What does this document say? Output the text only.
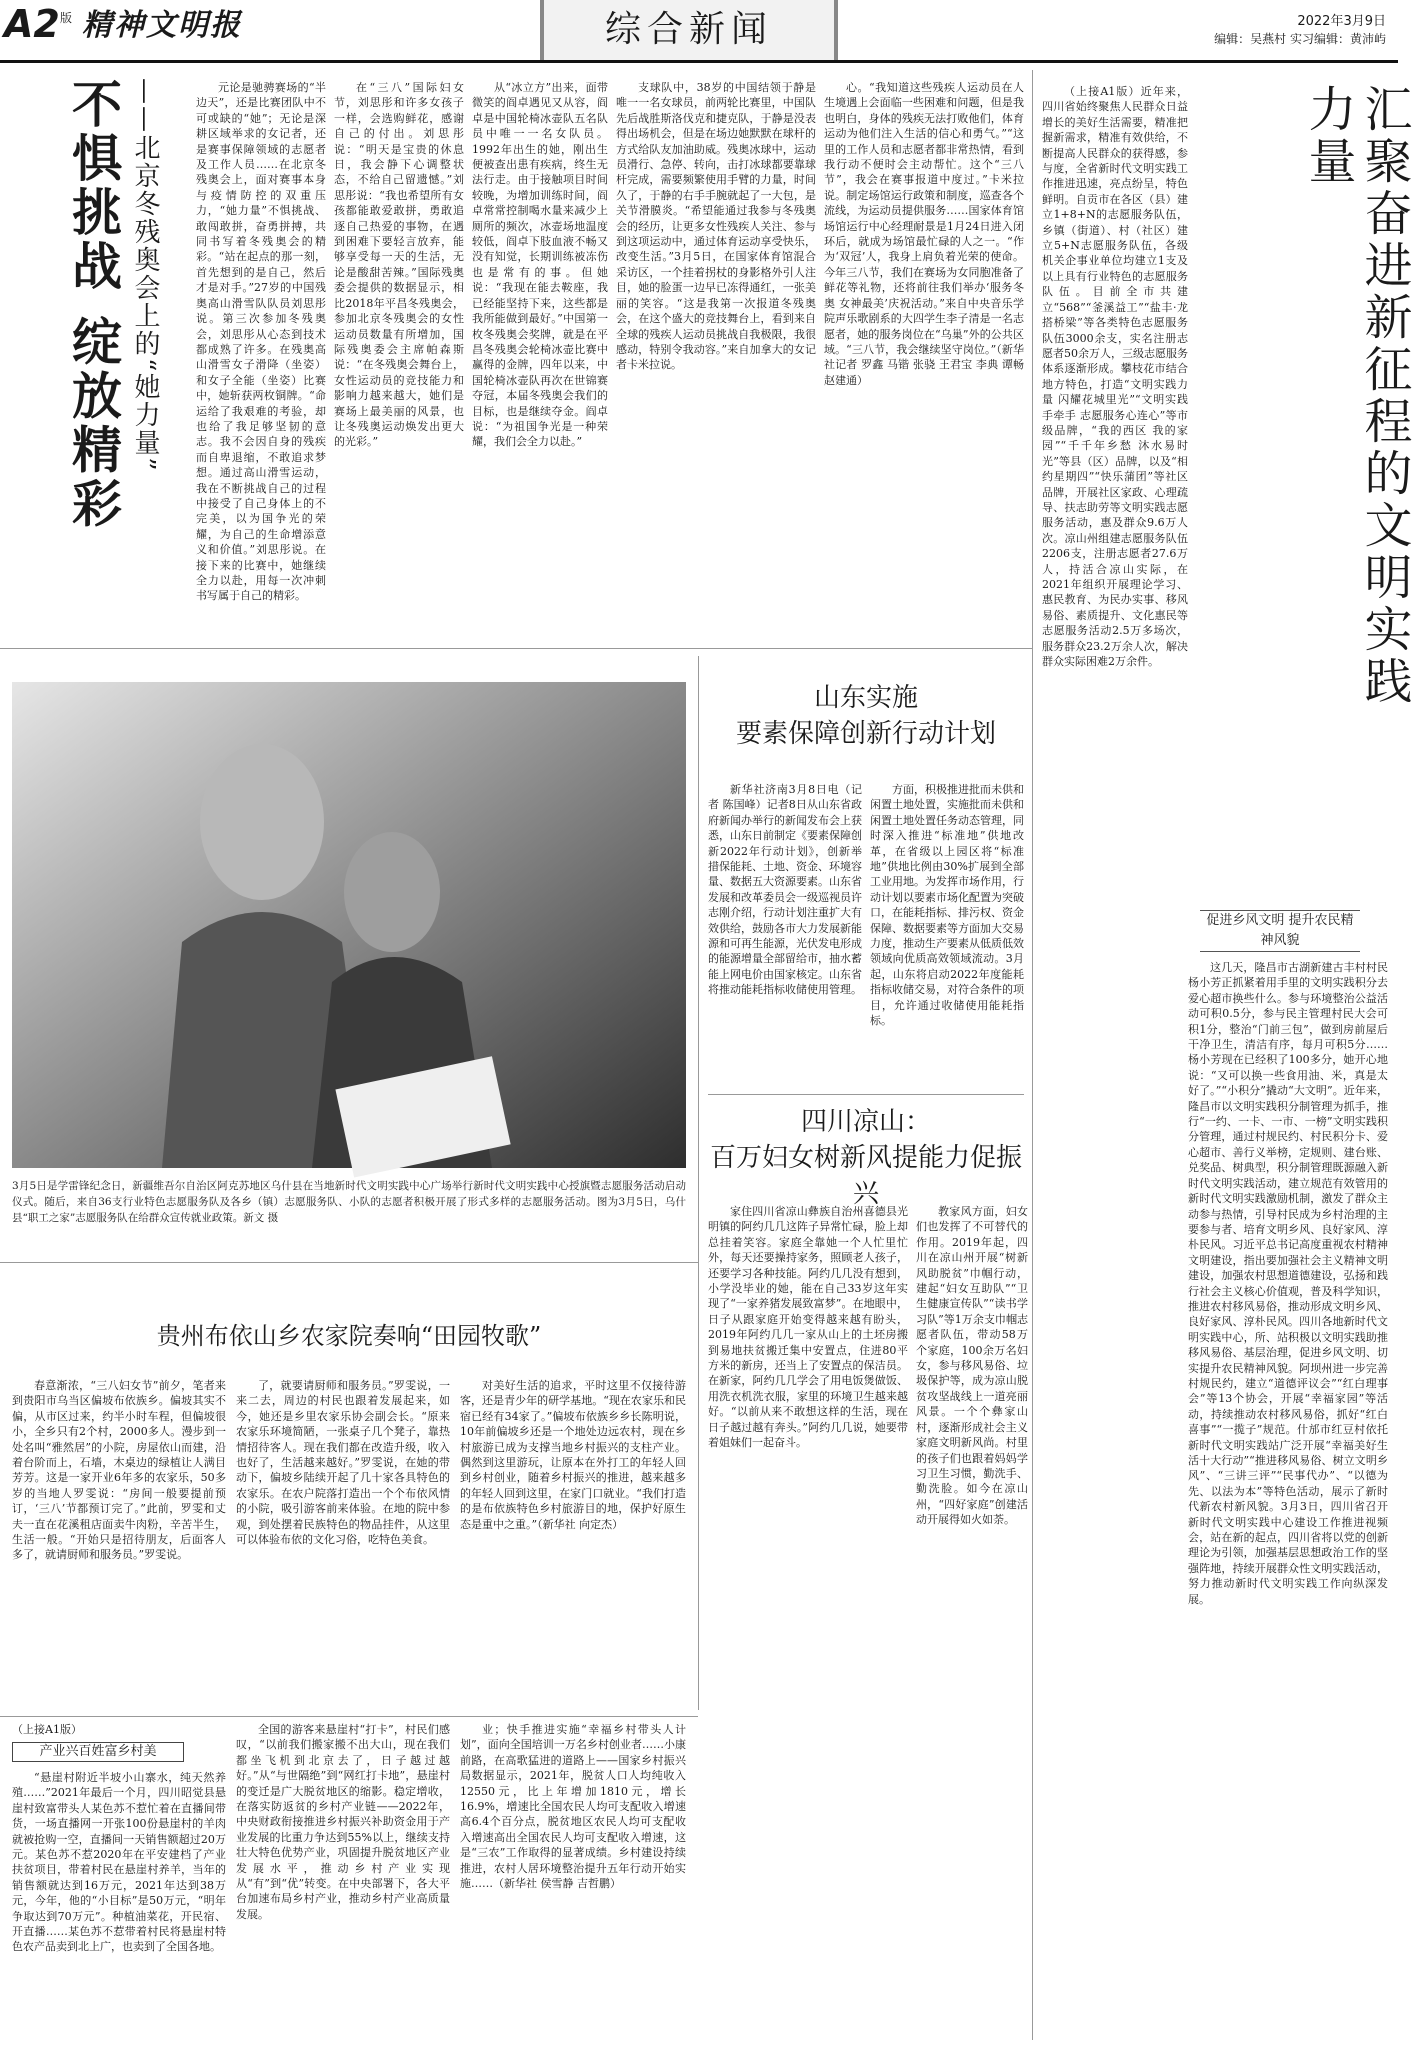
A2 版 精神文明报	综合新闻	2022年3月9日
编辑：吴燕村 实习编辑：黄沛屿
不惧挑战 绽放精彩 ——北京冬残奥会上的“她力量”	元论是驰骋赛场的“半边天”，还是比赛团队中不可或缺的“她”；无论是深耕区域举求的女记者，还是赛事保障领域的志愿者及工作人员……在北京冬残奥会上，面对赛事本身与疫情防控的双重压力，“她力量”不惧挑战、敢闯敢拼，奋勇拼搏，共同书写着冬残奥会的精彩。“站在起点的那一刻，首先想到的是自己，然后才是对手。”27岁的中国残奥高山滑雪队队员刘思彤说。第三次参加冬残奥会，刘思彤从心态到技术都成熟了许多。在残奥高山滑雪女子滑降（坐姿）和女子全能（坐姿）比赛中，她斩获两枚铜牌。“命运给了我艰难的考验，却也给了我足够坚韧的意志。我不会因自身的残疾而自卑退缩，不敢追求梦想。通过高山滑雪运动，我在不断挑战自己的过程中接受了自己身体上的不完美，以为国争光的荣耀，为自己的生命增添意义和价值。”刘思彤说。在接下来的比赛中，她继续全力以赴，用每一次冲刺书写属于自己的精彩。

在“三八”国际妇女节，刘思彤和许多女孩子一样，会选购鲜花，感谢自己的付出。刘思彤说：“明天是宝贵的休息日，我会静下心调整状态，不给自己留遗憾。”刘思彤说：“我也希望所有女孩都能敢爱敢拼，勇敢追逐自己热爱的事物，在遇到困难下要轻言放弃，能够享受每一天的生活，无论是酸甜苦辣。”国际残奥委会提供的数据显示，相比2018年平昌冬残奥会，参加北京冬残奥会的女性运动员数量有所增加，国际残奥委会主席帕森斯说：“在冬残奥会舞台上，女性运动员的竞技能力和影响力越来越大，她们是赛场上最美丽的风景，也让冬残奥运动焕发出更大的光彩。”

从“冰立方”出来，面带微笑的阎卓遇见又从容，阎卓是中国轮椅冰壶队五名队员中唯一一名女队员。1992年出生的她，刚出生便被查出患有疾病，终生无法行走。由于接触项目时间较晚，为增加训练时间，阎卓常常控制喝水量来减少上厕所的频次，冰壶场地温度较低，阎卓下肢血液不畅又没有知觉，长期训练被冻伤也是常有的事。但她说：“我现在能去鞍座，我已经能坚持下来，这些都是我所能做到最好。”中国第一枚冬残奥会奖牌，就是在平昌冬残奥会轮椅冰壶比赛中赢得的金牌，四年以来，中国轮椅冰壶队再次在世锦赛夺冠，本届冬残奥会我们的目标，也是继续夺金。阎卓说：“为祖国争光是一种荣耀，我们会全力以赴。”

支球队中，38岁的中国结领于静是唯一一名女球员，前两轮比赛里，中国队先后战胜斯洛伐克和捷克队，于静是没表得出场机会，但是在场边她默默在球杆的方式给队友加油助威。残奥冰球中，运动员滑行、急停、转向，击打冰球都要靠球杆完成，需要频繁使用手臂的力量，时间久了，于静的右手手腕就起了一大包，是关节滑膜炎。“希望能通过我参与冬残奥会的经历，让更多女性残疾人关注、参与到这项运动中，通过体育运动享受快乐，改变生活。”3月5日，在国家体育馆混合采访区，一个挂着拐杖的身影格外引人注目，她的脸蛋一边早已冻得通红，一张美丽的笑容。“这是我第一次报道冬残奥会，在这个盛大的竞技舞台上，看到来自全球的残疾人运动员挑战自我极限，我很感动，特别令我动容。”来自加拿大的女记者卡米拉说。

心。“我知道这些残疾人运动员在人生境遇上会面临一些困难和问题，但是我也明白，身体的残疾无法打败他们，体育运动为他们注入生活的信心和勇气。”“这里的工作人员和志愿者都非常热情，看到我行动不便时会主动帮忙。这个“三八节”，我会在赛事报道中度过。”卡米拉说。制定场馆运行政策和制度，巡查各个流线，为运动员提供服务……国家体育馆场馆运行中心经理耐景是1月24日进入闭环后，就成为场馆最忙碌的人之一。“作为‘双冠’人，我身上肩负着光荣的使命。今年三八节，我们在赛场为女同胞准备了鲜花等礼物，还将前往我们举办‘服务冬奥 女神最美’庆祝活动。”来自中央音乐学院声乐歌剧系的大四学生李子清是一名志愿者，她的服务岗位在“乌巢”外的公共区域。“三八节，我会继续坚守岗位。”（新华社记者 罗鑫 马锴 张骁 王君宝 李典 谭畅 赵建通）

（上接A1版）近年来，四川省始终聚焦人民群众日益增长的美好生活需要，精准把握新需求，精准有效供给，不断提高人民群众的获得感，参与度，全省新时代文明实践工作推进迅速，亮点纷呈，特色鲜明。自贡市在各区（县）建立1+8+N的志愿服务队伍，乡镇（街道）、村（社区）建立5+N志愿服务队伍，各级机关企事业单位均建立1支及以上具有行业特色的志愿服务队伍。目前全市共建立“568”“釜溪益工”“盐丰·龙搭桥梁”等各类特色志愿服务队伍3000余支，实名注册志愿者50余万人，三级志愿服务体系逐渐形成。攀枝花市结合地方特色，打造“文明实践力量 闪耀花城里光”“文明实践手牵手 志愿服务心连心”等市级品牌，“我的西区 我的家园”“千千年乡愁 沐水易时光”等县（区）品牌，以及“相约星期四”“快乐蒲团”等社区品牌，开展社区家政、心理疏导、扶志助劳等文明实践志愿服务活动，惠及群众9.6万人次。凉山州组建志愿服务队伍2206支，注册志愿者27.6万人，持活合凉山实际，在2021年组织开展理论学习、惠民教育、为民办实事、移风易俗、素质提升、文化惠民等志愿服务活动2.5万多场次，服务群众23.2万余人次，解决群众实际困难2万余件。	汇聚奋进新征程的文明实践力量
促进乡风文明 提升农民精神风貌

这几天，隆昌市古湖新建古丰村村民杨小芳正抓紧着用手里的文明实践积分去爱心超市换些什么。参与环境整治公益活动可积0.5分，参与民主管理村民大会可积1分，整治“门前三包”，做到房前屋后干净卫生，清洁有序，每月可积5分……杨小芳现在已经积了100多分，她开心地说：“又可以换一些食用油、米，真是太好了。”“小积分”撬动“大文明”。近年来，隆昌市以文明实践积分制管理为抓手，推行“一约、一卡、一市、一榜”文明实践积分管理，通过村规民约、村民积分卡、爱心超市、善行义举榜，定规则、建台账、兑奖品、树典型，积分制管理既源融入新时代文明实践活动，建立规范有效管用的新时代文明实践激励机制，激发了群众主动参与热情，引导村民成为乡村治理的主要参与者、培育文明乡风、良好家风、淳朴民风。习近平总书记高度重视农村精神文明建设，指出要加强社会主义精神文明建设，加强农村思想道德建设，弘扬和践行社会主义核心价值观，普及科学知识，推进农村移风易俗，推动形成文明乡风、良好家风、淳朴民风。四川各地新时代文明实践中心，所、站积极以文明实践助推移风易俗、基层治理，促进乡风文明、切实提升农民精神风貌。阿坝州进一步完善村规民约，建立“道德评议会”“红白理事会”等13个协会，开展“幸福家园”等活动，持续推动农村移风易俗，抓好“红白喜事”“一揽子”规范。什邡市红豆村依托新时代文明实践站广泛开展“幸福美好生活十大行动”“推进移风易俗、树立文明乡风”、“三讲三评”“民事代办”、“以德为先、以法为本”等特色活动，展示了新时代新农村新风貌。3月3日，四川省召开新时代文明实践中心建设工作推进视频会，站在新的起点，四川省将以党的创新理论为引领，加强基层思想政治工作的坚强阵地，持续开展群众性文明实践活动，努力推动新时代文明实践工作向纵深发展。

3月5日是学雷锋纪念日，新疆维吾尔自治区阿克苏地区乌什县在当地新时代文明实践中心广场举行新时代文明实践中心授旗暨志愿服务活动启动仪式。随后，来自36支行业特色志愿服务队及各乡（镇）志愿服务队、小队的志愿者积极开展了形式多样的志愿服务活动。图为3月5日，乌什县“职工之家”志愿服务队在给群众宣传就业政策。新文 摄
山东实施
要素保障创新行动计划

新华社济南3月8日电（记者 陈国峰）记者8日从山东省政府新闻办举行的新闻发布会上获悉，山东日前制定《要素保障创新2022年行动计划》，创新举措保能耗、土地、资金、环境容量、数据五大资源要素。山东省发展和改革委员会一级巡视员许志刚介绍，行动计划注重扩大有效供给，鼓励各市大力发展新能源和可再生能源，光伏发电形成的能源增量全部留给市，抽水蓄能上网电价由国家核定。山东省将推动能耗指标收储使用管理。

方面，积极推进批而未供和闲置土地处置，实施批而未供和闲置土地处置任务动态管理，同时深入推进“标准地”供地改革，在省级以上园区将“标准地”供地比例由30%扩展到全部工业用地。为发挥市场作用，行动计划以要素市场化配置为突破口，在能耗指标、排污权、资金保障、数据要素等方面加大交易力度，推动生产要素从低质低效领域向优质高效领域流动。3月起，山东将启动2022年度能耗指标收储交易，对符合条件的项目，允许通过收储使用能耗指标。

四川凉山：
百万妇女树新风提能力促振兴

家住四川省凉山彝族自治州喜德县光明镇的阿约几几这阵子异常忙碌，脸上却总挂着笑容。家庭全靠她一个人忙里忙外，每天还要操持家务，照顾老人孩子，还要学习各种技能。阿约几几没有想到，小学没毕业的她，能在自己33岁这年实现了“一家养猪发展致富梦”。在地眼中，日子从跟家庭开始变得越来越有盼头，2019年阿约几几一家从山上的土坯房搬到易地扶贫搬迁集中安置点，住进80平方米的新房，还当上了安置点的保洁员。在新家，阿约几几学会了用电饭煲做饭、用洗衣机洗衣服，家里的环境卫生越来越好。“以前从来不敢想这样的生活，现在日子越过越有奔头。”阿约几几说，她要带着姐妹们一起奋斗。

教家风方面，妇女们也发挥了不可替代的作用。2019年起，四川在凉山州开展“树新风助脱贫”巾帼行动，建起“妇女互助队”“卫生健康宣传队”“读书学习队”等1万余支巾帼志愿者队伍，带动58万个家庭，100余万名妇女，参与移风易俗、垃圾保护等，成为凉山脱贫攻坚战线上一道亮丽风景。一个个彝家山村，逐渐形成社会主义家庭文明新风尚。村里的孩子们也跟着妈妈学习卫生习惯，勤洗手、勤洗脸。如今在凉山州，“四好家庭”创建活动开展得如火如荼。

贵州布依山乡农家院奏响“田园牧歌”

春意渐浓，“三八妇女节”前夕，笔者来到贵阳市乌当区偏坡布依族乡。偏坡其实不偏，从市区过来，约半小时车程，但偏坡很小，全乡只有2个村，2000多人。漫步到一处名叫“雅然居”的小院，房屋依山而建，沿着台阶而上，石墙，木桌边的绿植让人满目芳芳。这是一家开业6年多的农家乐，50多岁的当地人罗雯说：“房间一般要提前预订，‘三八’节都预订完了。”此前，罗雯和丈夫一直在花溪租店面卖牛肉粉，辛苦半生，生活一般。“开始只是招待朋友，后面客人多了，就请厨师和服务员。”罗雯说。

了，就要请厨师和服务员。”罗雯说，一来二去，周边的村民也跟着发展起来，如今，她还是乡里农家乐协会副会长。“原来农家乐环境简陋，一张桌子几个凳子，靠热情招待客人。现在我们都在改造升级，收入也好了，生活越来越好。”罗雯说，在她的带动下，偏坡乡陆续开起了几十家各具特色的农家乐。在农户院落打造出一个个布依风情的小院，吸引游客前来体验。在地的院中参观，到处摆着民族特色的物品挂件，从这里可以体验布依的文化习俗，吃特色美食。

对美好生活的追求，平时这里不仅接待游客，还是青少年的研学基地。“现在农家乐和民宿已经有34家了。”偏坡布依族乡乡长陈明说，10年前偏坡乡还是一个地处边远农村，现在乡村旅游已成为支撑当地乡村振兴的支柱产业。偶然到这里游玩，让原本在外打工的年轻人回到乡村创业，随着乡村振兴的推进，越来越多的年轻人回到这里，在家门口就业。“我们打造的是布依族特色乡村旅游目的地，保护好原生态是重中之重。”（新华社 向定杰）

（上接A1版）
产业兴百姓富乡村美

“悬崖村附近半坡小山寨水，纯天然养殖……”2021年最后一个月，四川昭觉县悬崖村致富带头人某色苏不惹忙着在直播间带货，一场直播网一开张100份悬崖村的羊肉就被抢购一空，直播间一天销售额超过20万元。某色苏不惹2020年在平安建档了产业扶贫项目，带着村民在悬崖村养羊，当年的销售额就达到16万元，2021年达到38万元，今年，他的“小目标”是50万元，“明年争取达到70万元”。种植油菜花，开民宿、开直播……某色苏不惹带着村民将悬崖村特色农产品卖到北上广，也卖到了全国各地。

全国的游客来悬崖村“打卡”，村民们感叹，“以前我们搬家搬不出大山，现在我们都坐飞机到北京去了，日子越过越好。”从“与世隔绝”到“网红打卡地”，悬崖村的变迁是广大脱贫地区的缩影。稳定增收，在落实防返贫的乡村产业链——2022年，中央财政衔接推进乡村振兴补助资金用于产业发展的比重力争达到55%以上，继续支持壮大特色优势产业，巩固提升脱贫地区产业发展水平，推动乡村产业实现从“有”到“优”转变。在中央部署下，各大平台加速布局乡村产业，推动乡村产业高质量发展。

业；快手推进实施“幸福乡村带头人计划”，面向全国培训一万名乡村创业者……小康前路，在高歌猛进的道路上——国家乡村振兴局数据显示，2021年，脱贫人口人均纯收入12550元，比上年增加1810元，增长16.9%，增速比全国农民人均可支配收入增速高6.4个百分点，脱贫地区农民人均可支配收入增速高出全国农民人均可支配收入增速，这是“三农”工作取得的显著成绩。乡村建设持续推进，农村人居环境整治提升五年行动开始实施……（新华社 侯雪静 吉哲鹏）
